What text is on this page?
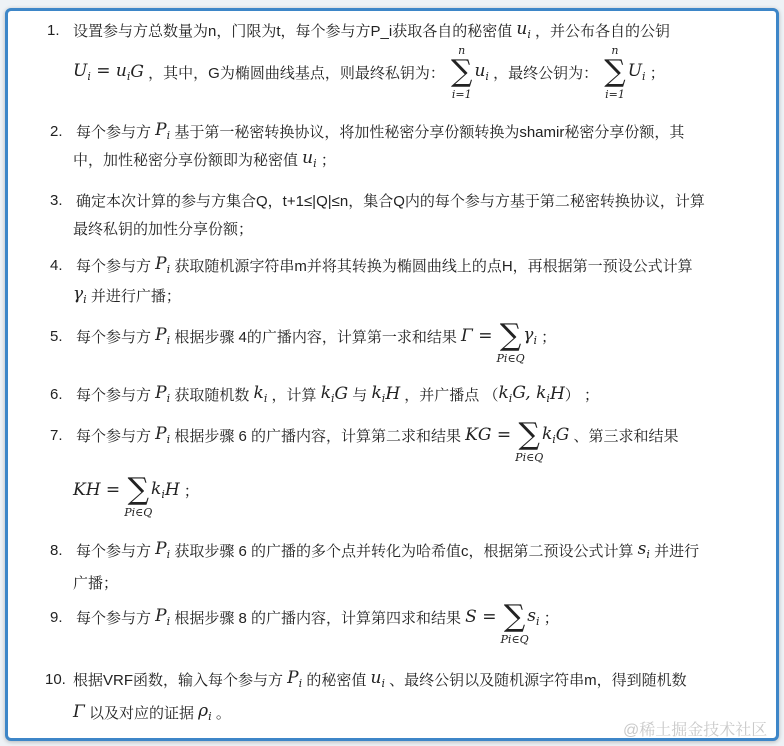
@稀土掘金技术社区
1. 设置参与方总数量为n，门限为t，每个参与方P_i获取各自的秘密值 $u_i$ ，并公布各自的公钥
$U_i = u_i$ G ，其中，G为椭圆曲线基点，则最终私钥为： ∑
n
i=1
$u_i$ ，最终公钥为： ∑
n
i=1
$U_i$ ；
2. 每个参与方 $P_i$ 基于第一秘密转换协议，将加性秘密分享份额转换为shamir秘密分享份额，其
中，加性秘密分享份额即为秘密值 $u_i$ ；
3. 确定本次计算的参与方集合Q，t+1≤|Q|≤n，集合Q内的每个参与方基于第二秘密转换协议，计算
最终私钥的加性分享份额；
4. 每个参与方 $P_i$ 获取随机源字符串m并将其转换为椭圆曲线上的点H，再根据第一预设公式计算
$\gamma_i$ 并进行广播；
5. 每个参与方 $P_i$ 根据步骤 4的广播内容，计算第一求和结果 Γ = ∑
Pi∈Q
$\gamma_i$ ；
6. 每个参与方 $P_i$ 获取随机数 $k_i$ ，计算 $k_i$ G 与 $k_i$ H ，并广播点 （ $k_i$ G, $k_i$ H ） ；
7. 每个参与方 $P_i$ 根据步骤 6 的广播内容，计算第二求和结果 KG = ∑
Pi∈Q
$k_i$ G 、第三求和结果
KH = ∑
Pi∈Q
$k_i$ H ；
8. 每个参与方 $P_i$ 获取步骤 6 的广播的多个点并转化为哈希值c，根据第二预设公式计算 $s_i$ 并进行
广播；
9. 每个参与方 $P_i$ 根据步骤 8 的广播内容，计算第四求和结果 S = ∑
Pi∈Q
$s_i$ ；
10. 根据VRF函数，输入每个参与方 $P_i$ 的秘密值 $u_i$ 、最终公钥以及随机源字符串m，得到随机数
Γ 以及对应的证据 $\rho_i$ 。
